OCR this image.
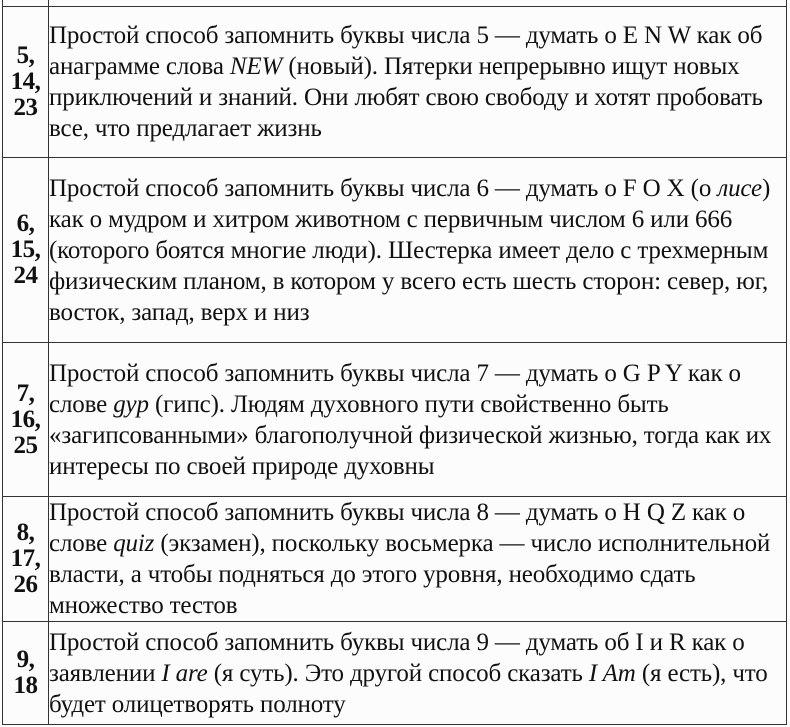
5,
14,
23
	Простой способ запомнить буквы числа 5 — думать о E N W как об анаграмме слова NEW (новый). Пятерки непрерывно ищут новых приключений и знаний. Они любят свою свободу и хотят пробовать все, что предлагает жизнь

6,
15,
24
	Простой способ запомнить буквы числа 6 — думать о F O X (о лисе) как о мудром и хитром животном с первичным числом 6 или 666 (которого боятся многие люди). Шестерка имеет дело с трехмерным физическим планом, в котором у всего есть шесть сторон: север, юг, восток, запад, верх и низ

7,
16,
25
	Простой способ запомнить буквы числа 7 — думать о G P Y как о слове gyp (гипс). Людям духовного пути свойственно быть «загипсованными» благополучной физической жизнью, тогда как их интересы по своей природе духовны

8,
17,
26
	Простой способ запомнить буквы числа 8 — думать о H Q Z как о слове quiz (экзамен), поскольку восьмерка — число исполнительной власти, а чтобы подняться до этого уровня, необходимо сдать множество тестов

9,
18	Простой способ запомнить буквы числа 9 — думать об I и R как о заявлении I are (я суть). Это другой способ сказать I Am (я есть), что будет олицетворять полноту
